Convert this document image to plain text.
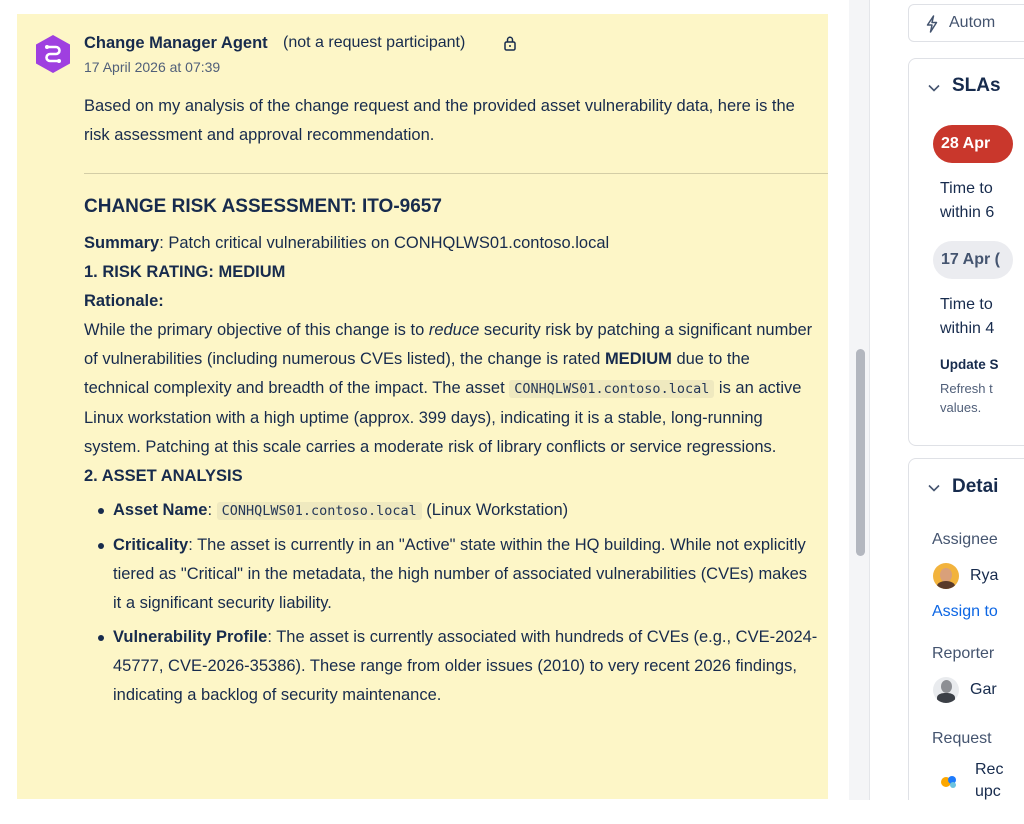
Change Manager Agent (not a request participant)
17 April 2026 at 07:39

Based on my analysis of the change request and the provided asset vulnerability data, here is the risk assessment and approval recommendation.

CHANGE RISK ASSESSMENT: ITO-9657

Summary: Patch critical vulnerabilities on CONHQLWS01.contoso.local

1. RISK RATING: MEDIUM

Rationale:

While the primary objective of this change is to reduce security risk by patching a significant number of vulnerabilities (including numerous CVEs listed), the change is rated MEDIUM due to the technical complexity and breadth of the impact. The asset CONHQLWS01.contoso.local is an active Linux workstation with a high uptime (approx. 399 days), indicating it is a stable, long-running system. Patching at this scale carries a moderate risk of library conflicts or service regressions.

2. ASSET ANALYSIS

Asset Name: CONHQLWS01.contoso.local (Linux Workstation)
Criticality: The asset is currently in an "Active" state within the HQ building. While not explicitly tiered as "Critical" in the metadata, the high number of associated vulnerabilities (CVEs) makes it a significant security liability.
Vulnerability Profile: The asset is currently associated with hundreds of CVEs (e.g., CVE-2024-45777, CVE-2026-35386). These range from older issues (2010) to very recent 2026 findings, indicating a backlog of security maintenance.
Autom
SLAs
28 Apr
Time to
within 6
17 Apr (
Time to
within 4
Update S
Refresh t
values.
Detai
Assignee
Rya
Assign to
Reporter
Gar
Request
Rec
upc
